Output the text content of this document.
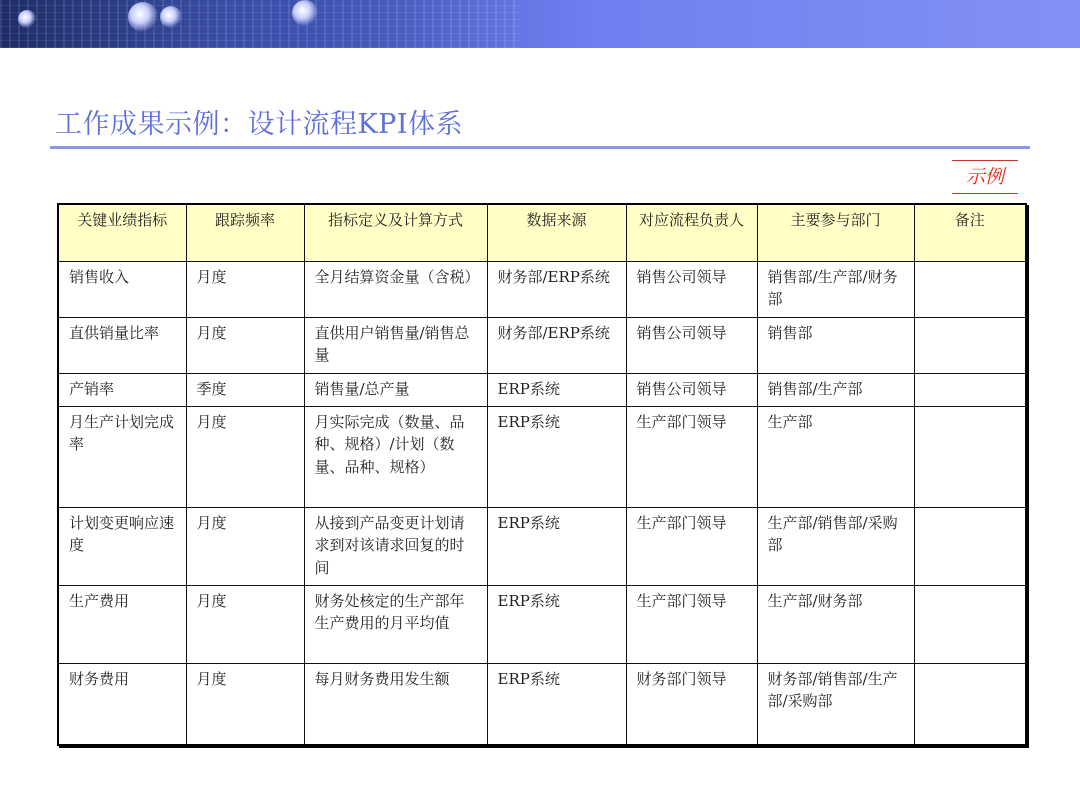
工作成果示例：设计流程KPI体系
示例
关键业绩指标	跟踪频率	指标定义及计算方式	数据来源	对应流程负责人	主要参与部门	备注
销售收入	月度	全月结算资金量（含税）	财务部/ERP系统	销售公司领导	销售部/生产部/财务部	
直供销量比率	月度	直供用户销售量/销售总量	财务部/ERP系统	销售公司领导	销售部	
产销率	季度	销售量/总产量	ERP系统	销售公司领导	销售部/生产部	
月生产计划完成率	月度	月实际完成（数量、品种、规格）/计划（数量、品种、规格）	ERP系统	生产部门领导	生产部	
计划变更响应速度	月度	从接到产品变更计划请求到对该请求回复的时间	ERP系统	生产部门领导	生产部/销售部/采购部	
生产费用	月度	财务处核定的生产部年生产费用的月平均值	ERP系统	生产部门领导	生产部/财务部	
财务费用	月度	每月财务费用发生额	ERP系统	财务部门领导	财务部/销售部/生产部/采购部	
